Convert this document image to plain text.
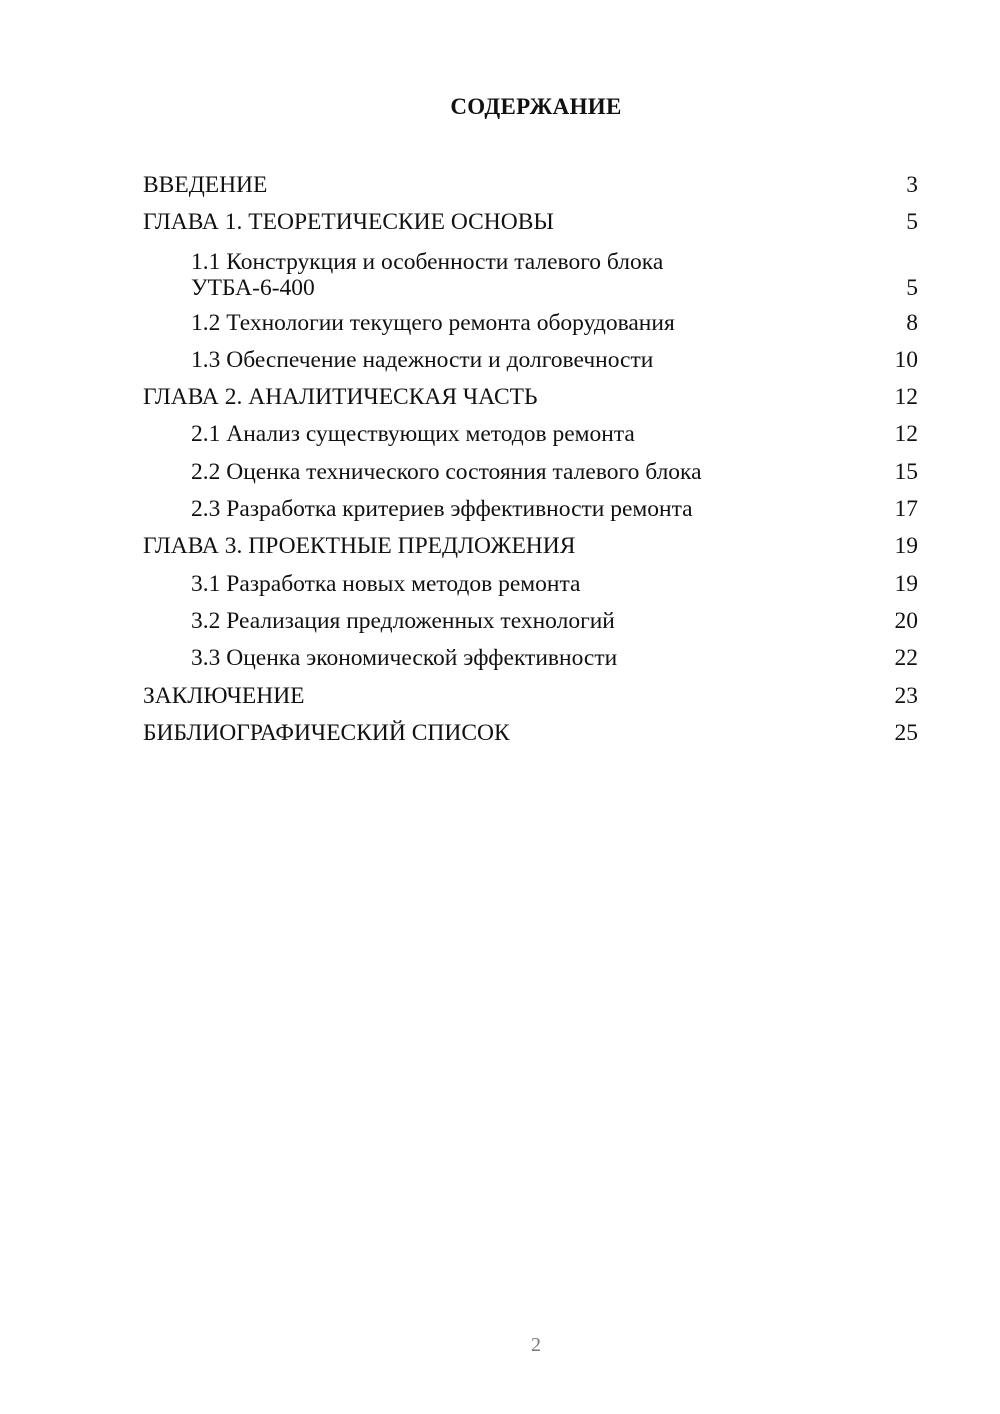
СОДЕРЖАНИЕ
ВВЕДЕНИЕ	3
ГЛАВА 1. ТЕОРЕТИЧЕСКИЕ ОСНОВЫ	5
1.1 Конструкция и особенности талевого блока УТБА-6-400	5
1.2 Технологии текущего ремонта оборудования	8
1.3 Обеспечение надежности и долговечности	10
ГЛАВА 2. АНАЛИТИЧЕСКАЯ ЧАСТЬ	12
2.1 Анализ существующих методов ремонта	12
2.2 Оценка технического состояния талевого блока	15
2.3 Разработка критериев эффективности ремонта	17
ГЛАВА 3. ПРОЕКТНЫЕ ПРЕДЛОЖЕНИЯ	19
3.1 Разработка новых методов ремонта	19
3.2 Реализация предложенных технологий	20
3.3 Оценка экономической эффективности	22
ЗАКЛЮЧЕНИЕ	23
БИБЛИОГРАФИЧЕСКИЙ СПИСОК	25
2
